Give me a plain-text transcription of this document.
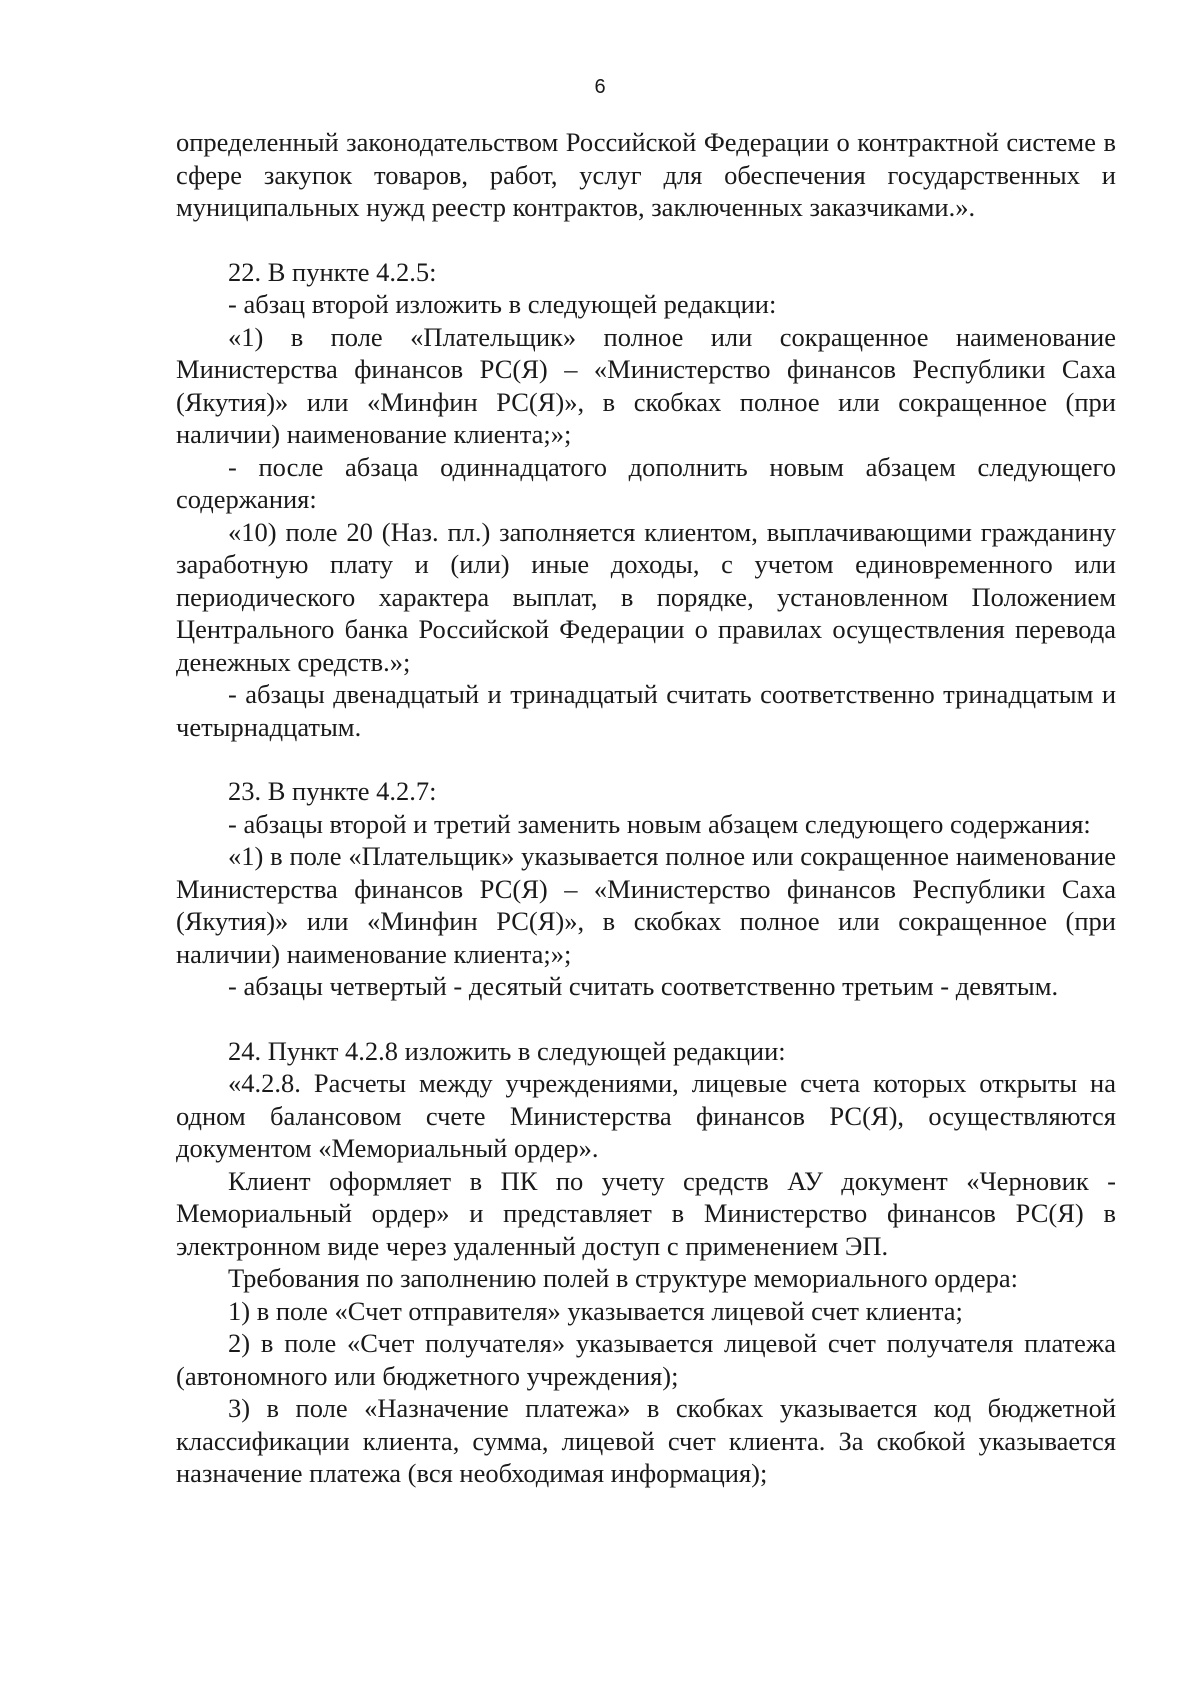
6

определенный законодательством Российской Федерации о контрактной системе в сфере закупок товаров, работ, услуг для обеспечения государственных и муниципальных нужд реестр контрактов, заключенных заказчиками.».

22. В пункте 4.2.5:

- абзац второй изложить в следующей редакции:

«1) в поле «Плательщик» полное или сокращенное наименование Министерства финансов РС(Я) – «Министерство финансов Республики Саха (Якутия)» или «Минфин РС(Я)», в скобках полное или сокращенное (при наличии) наименование клиента;»;

- после абзаца одиннадцатого дополнить новым абзацем следующего содержания:

«10) поле 20 (Наз. пл.) заполняется клиентом, выплачивающими гражданину заработную плату и (или) иные доходы, с учетом единовременного или периодического характера выплат, в порядке, установленном Положением Центрального банка Российской Федерации о правилах осуществления перевода денежных средств.»;

- абзацы двенадцатый и тринадцатый считать соответственно тринадцатым и четырнадцатым.

23. В пункте 4.2.7:

- абзацы второй и третий заменить новым абзацем следующего содержания:

«1) в поле «Плательщик» указывается полное или сокращенное наименование Министерства финансов РС(Я) – «Министерство финансов Республики Саха (Якутия)» или «Минфин РС(Я)», в скобках полное или сокращенное (при наличии) наименование клиента;»;

- абзацы четвертый - десятый считать соответственно третьим - девятым.

24. Пункт 4.2.8 изложить в следующей редакции:

«4.2.8. Расчеты между учреждениями, лицевые счета которых открыты на одном балансовом счете Министерства финансов РС(Я), осуществляются документом «Мемориальный ордер».

Клиент оформляет в ПК по учету средств АУ документ «Черновик - Мемориальный ордер» и представляет в Министерство финансов РС(Я) в электронном виде через удаленный доступ с применением ЭП.

Требования по заполнению полей в структуре мемориального ордера:

1) в поле «Счет отправителя» указывается лицевой счет клиента;

2) в поле «Счет получателя» указывается лицевой счет получателя платежа (автономного или бюджетного учреждения);

3) в поле «Назначение платежа» в скобках указывается код бюджетной классификации клиента, сумма, лицевой счет клиента. За скобкой указывается назначение платежа (вся необходимая информация);
